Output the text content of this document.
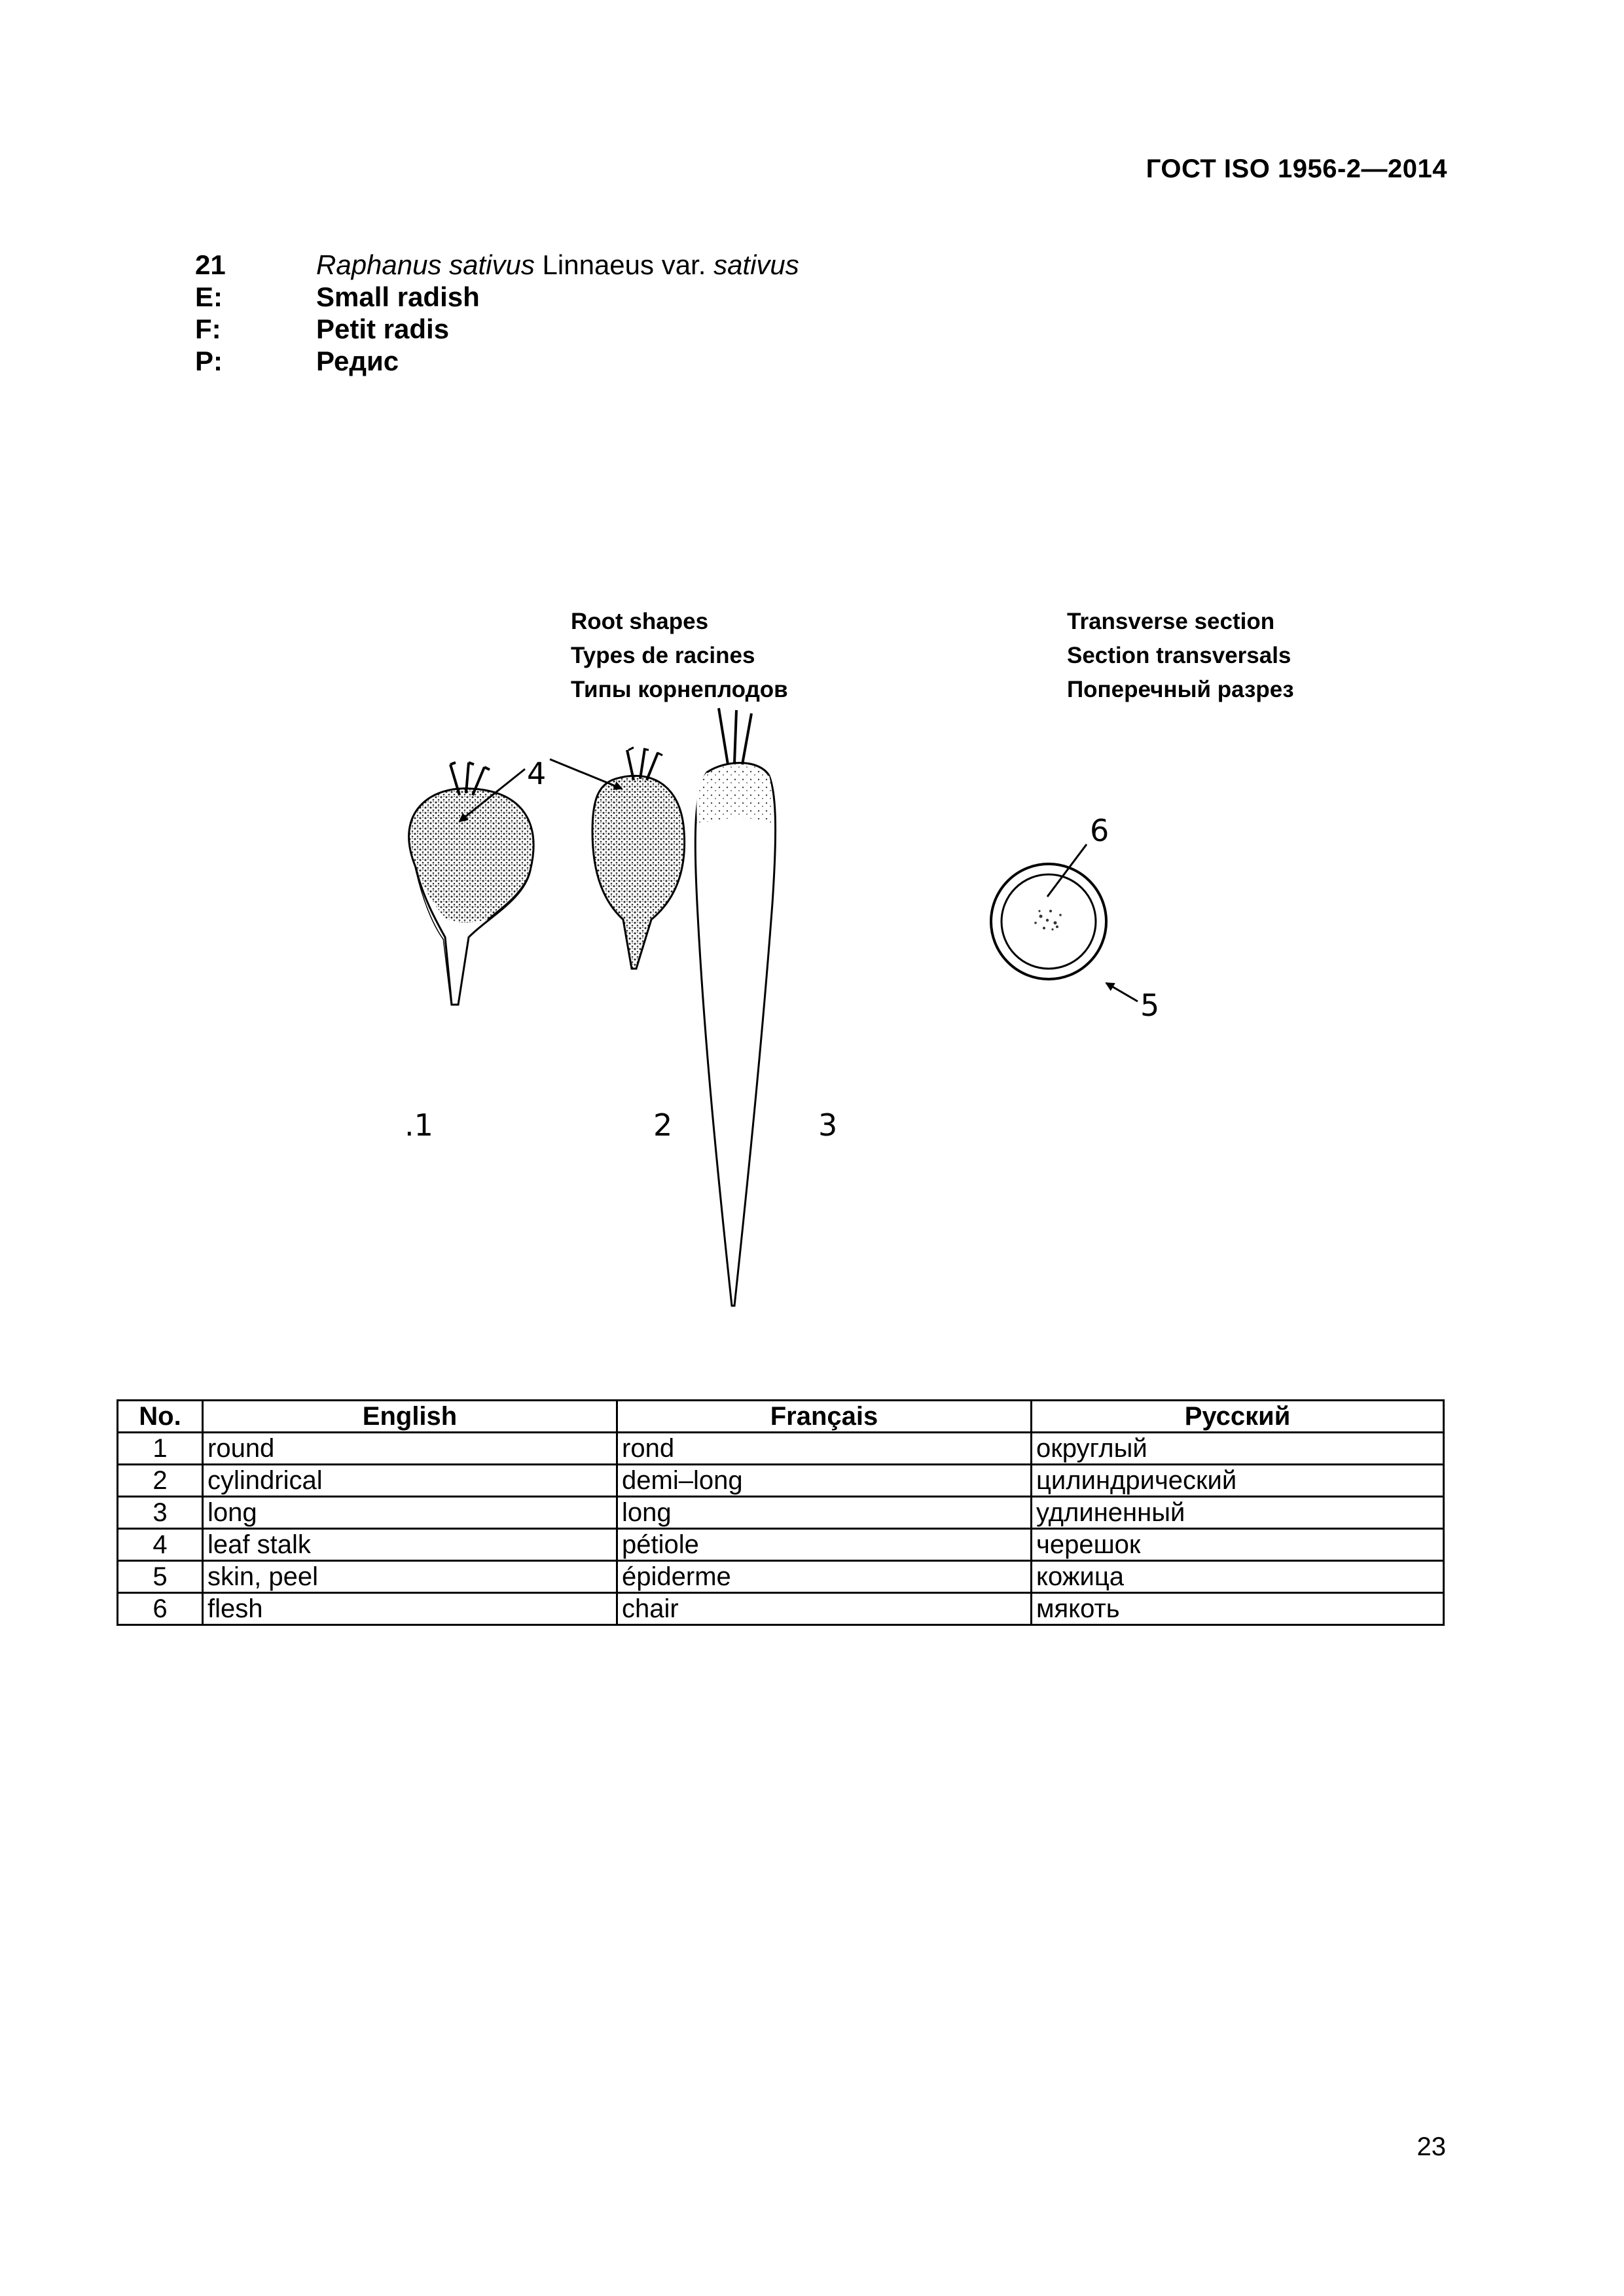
ГОСТ ISO 1956-2—2014
21	Raphanus sativus Linnaeus var. sativus
E:	Small radish
F:	Petit radis
P:	Редис
Root shapes
Types de racines
Типы корнеплодов
Transverse section
Section transversals
Поперечный разрез
4
.1	2	3
6
5
No.	English	Français	Русский
1	round	rond	округлый
2	cylindrical	demi–long	цилиндрический
3	long	long	удлиненный
4	leaf stalk	pétiole	черешок
5	skin, peel	épiderme	кожица
6	flesh	chair	мякоть
23
